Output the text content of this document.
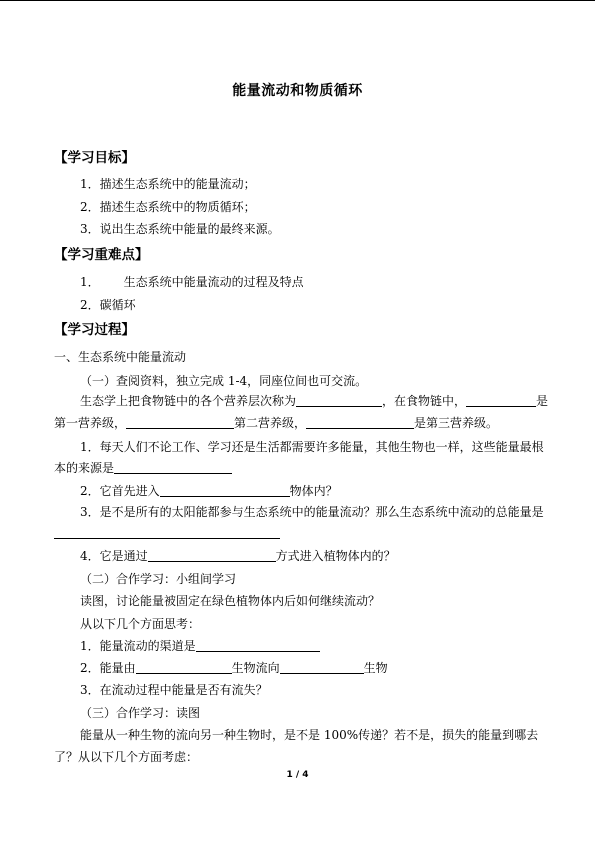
能量流动和物质循环
【学习目标】
1．描述生态系统中的能量流动；
2．描述生态系统中的物质循环；
3．说出生态系统中能量的最终来源。
【学习重难点】
1． 生态系统中能量流动的过程及特点
2．碳循环
【学习过程】
一、生态系统中能量流动
（一）查阅资料，独立完成 1-4，同座位间也可交流。
生态学上把食物链中的各个营养层次称为	，在食物链中，	是
第一营养级，	第二营养级，	是第三营养级。
1．每天人们不论工作、学习还是生活都需要许多能量，其他生物也一样，这些能量最根
本的来源是
2．它首先进入	物体内？
3．是不是所有的太阳能都参与生态系统中的能量流动？那么生态系统中流动的总能量是
4．它是通过	方式进入植物体内的？
（二）合作学习：小组间学习
读图，讨论能量被固定在绿色植物体内后如何继续流动？
从以下几个方面思考：
1．能量流动的渠道是
2．能量由	生物流向	生物
3．在流动过程中能量是否有流失？
（三）合作学习：读图
能量从一种生物的流向另一种生物时，是不是 100%传递？若不是，损失的能量到哪去
了？从以下几个方面考虑：
1 / 4
